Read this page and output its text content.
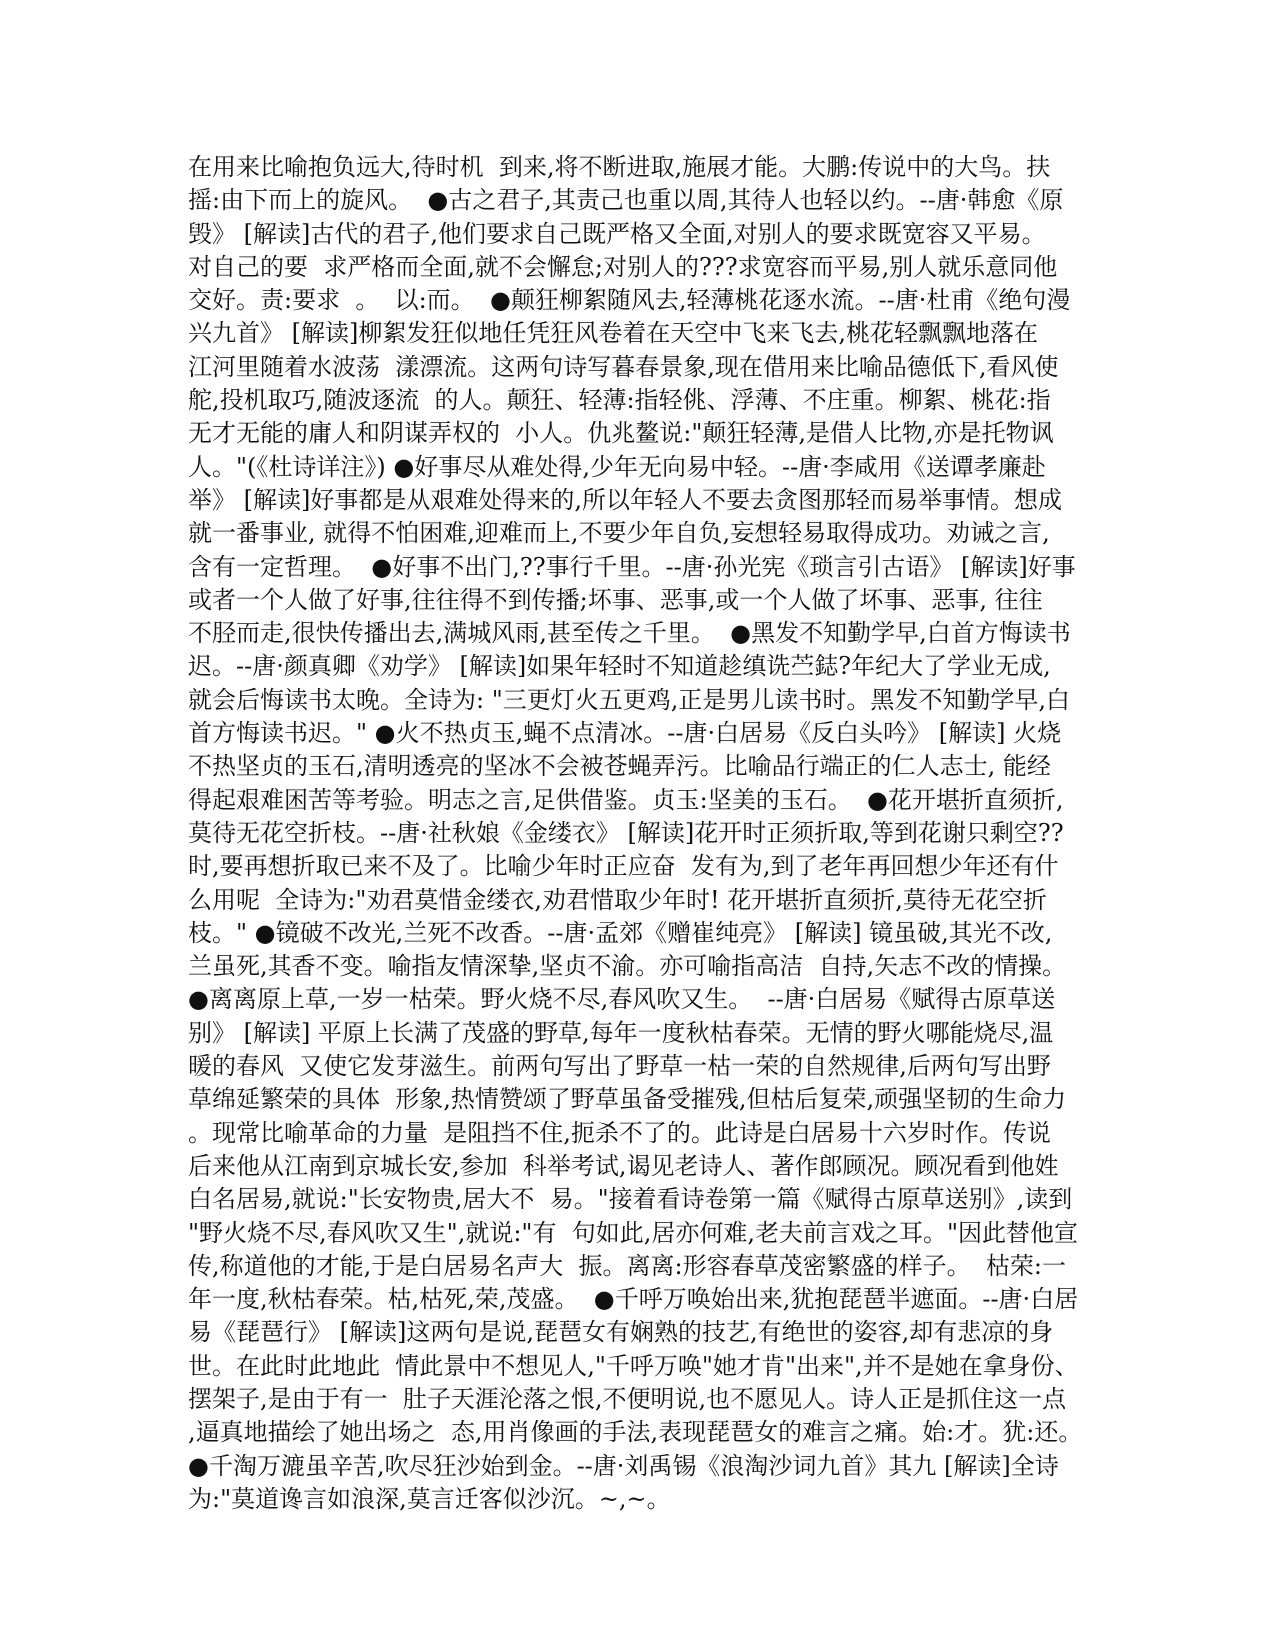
在用来比喻抱负远大,待时机  到来,将不断进取,施展才能。大鹏:传说中的大鸟。扶
摇:由下而上的旋风。  ●古之君子,其责己也重以周,其待人也轻以约。--唐·韩愈《原
毁》 [解读]古代的君子,他们要求自己既严格又全面,对别人的要求既宽容又平易。
对自己的要  求严格而全面,就不会懈怠;对别人的???求宽容而平易,别人就乐意同他
交好。责:要求  。  以:而。  ●颠狂柳絮随风去,轻薄桃花逐水流。--唐·杜甫《绝句漫
兴九首》 [解读]柳絮发狂似地任凭狂风卷着在天空中飞来飞去,桃花轻飘飘地落在
江河里随着水波荡  漾漂流。这两句诗写暮春景象,现在借用来比喻品德低下,看风使
舵,投机取巧,随波逐流  的人。颠狂、轻薄:指轻佻、浮薄、不庄重。柳絮、桃花:指
无才无能的庸人和阴谋弄权的  小人。仇兆鳌说:"颠狂轻薄,是借人比物,亦是托物讽
人。"(《杜诗详注》) ●好事尽从难处得,少年无向易中轻。--唐·李咸用《送谭孝廉赴
举》 [解读]好事都是从艰难处得来的,所以年轻人不要去贪图那轻而易举事情。想成
就一番事业, 就得不怕困难,迎难而上,不要少年自负,妄想轻易取得成功。劝诫之言,
含有一定哲理。  ●好事不出门,??事行千里。--唐·孙光宪《琐言引古语》 [解读]好事
或者一个人做了好事,往往得不到传播;坏事、恶事,或一个人做了坏事、恶事, 往往
不胫而走,很快传播出去,满城风雨,甚至传之千里。  ●黑发不知勤学早,白首方悔读书
迟。--唐·颜真卿《劝学》 [解读]如果年轻时不知道趁缜诜苎鋕?年纪大了学业无成,
就会后悔读书太晚。全诗为: "三更灯火五更鸡,正是男儿读书时。黑发不知勤学早,白
首方悔读书迟。" ●火不热贞玉,蝇不点清冰。--唐·白居易《反白头吟》 [解读] 火烧
不热坚贞的玉石,清明透亮的坚冰不会被苍蝇弄污。比喻品行端正的仁人志士, 能经
得起艰难困苦等考验。明志之言,足供借鉴。贞玉:坚美的玉石。  ●花开堪折直须折,
莫待无花空折枝。--唐·社秋娘《金缕衣》 [解读]花开时正须折取,等到花谢只剩空??
时,要再想折取已来不及了。比喻少年时正应奋  发有为,到了老年再回想少年还有什
么用呢  全诗为:"劝君莫惜金缕衣,劝君惜取少年时! 花开堪折直须折,莫待无花空折
枝。" ●镜破不改光,兰死不改香。--唐·孟郊《赠崔纯亮》 [解读] 镜虽破,其光不改,
兰虽死,其香不变。喻指友情深挚,坚贞不渝。亦可喻指高洁  自持,矢志不改的情操。
●离离原上草,一岁一枯荣。野火烧不尽,春风吹又生。  --唐·白居易《赋得古原草送
别》 [解读] 平原上长满了茂盛的野草,每年一度秋枯春荣。无情的野火哪能烧尽,温
暖的春风  又使它发芽滋生。前两句写出了野草一枯一荣的自然规律,后两句写出野
草绵延繁荣的具体  形象,热情赞颂了野草虽备受摧残,但枯后复荣,顽强坚韧的生命力
。现常比喻革命的力量  是阻挡不住,扼杀不了的。此诗是白居易十六岁时作。传说
后来他从江南到京城长安,参加  科举考试,谒见老诗人、著作郎顾况。顾况看到他姓
白名居易,就说:"长安物贵,居大不  易。"接着看诗卷第一篇《赋得古原草送别》,读到
"野火烧不尽,春风吹又生",就说:"有  句如此,居亦何难,老夫前言戏之耳。"因此替他宣
传,称道他的才能,于是白居易名声大  振。离离:形容春草茂密繁盛的样子。  枯荣:一
年一度,秋枯春荣。枯,枯死,荣,茂盛。  ●千呼万唤始出来,犹抱琵琶半遮面。--唐·白居
易《琵琶行》 [解读]这两句是说,琵琶女有娴熟的技艺,有绝世的姿容,却有悲凉的身
世。在此时此地此  情此景中不想见人,"千呼万唤"她才肯"出来",并不是她在拿身份、
摆架子,是由于有一  肚子天涯沦落之恨,不便明说,也不愿见人。诗人正是抓住这一点
,逼真地描绘了她出场之  态,用肖像画的手法,表现琵琶女的难言之痛。始:才。犹:还。
●千淘万漉虽辛苦,吹尽狂沙始到金。--唐·刘禹锡《浪淘沙词九首》其九 [解读]全诗
为:"莫道谗言如浪深,莫言迁客似沙沉。~,~。
